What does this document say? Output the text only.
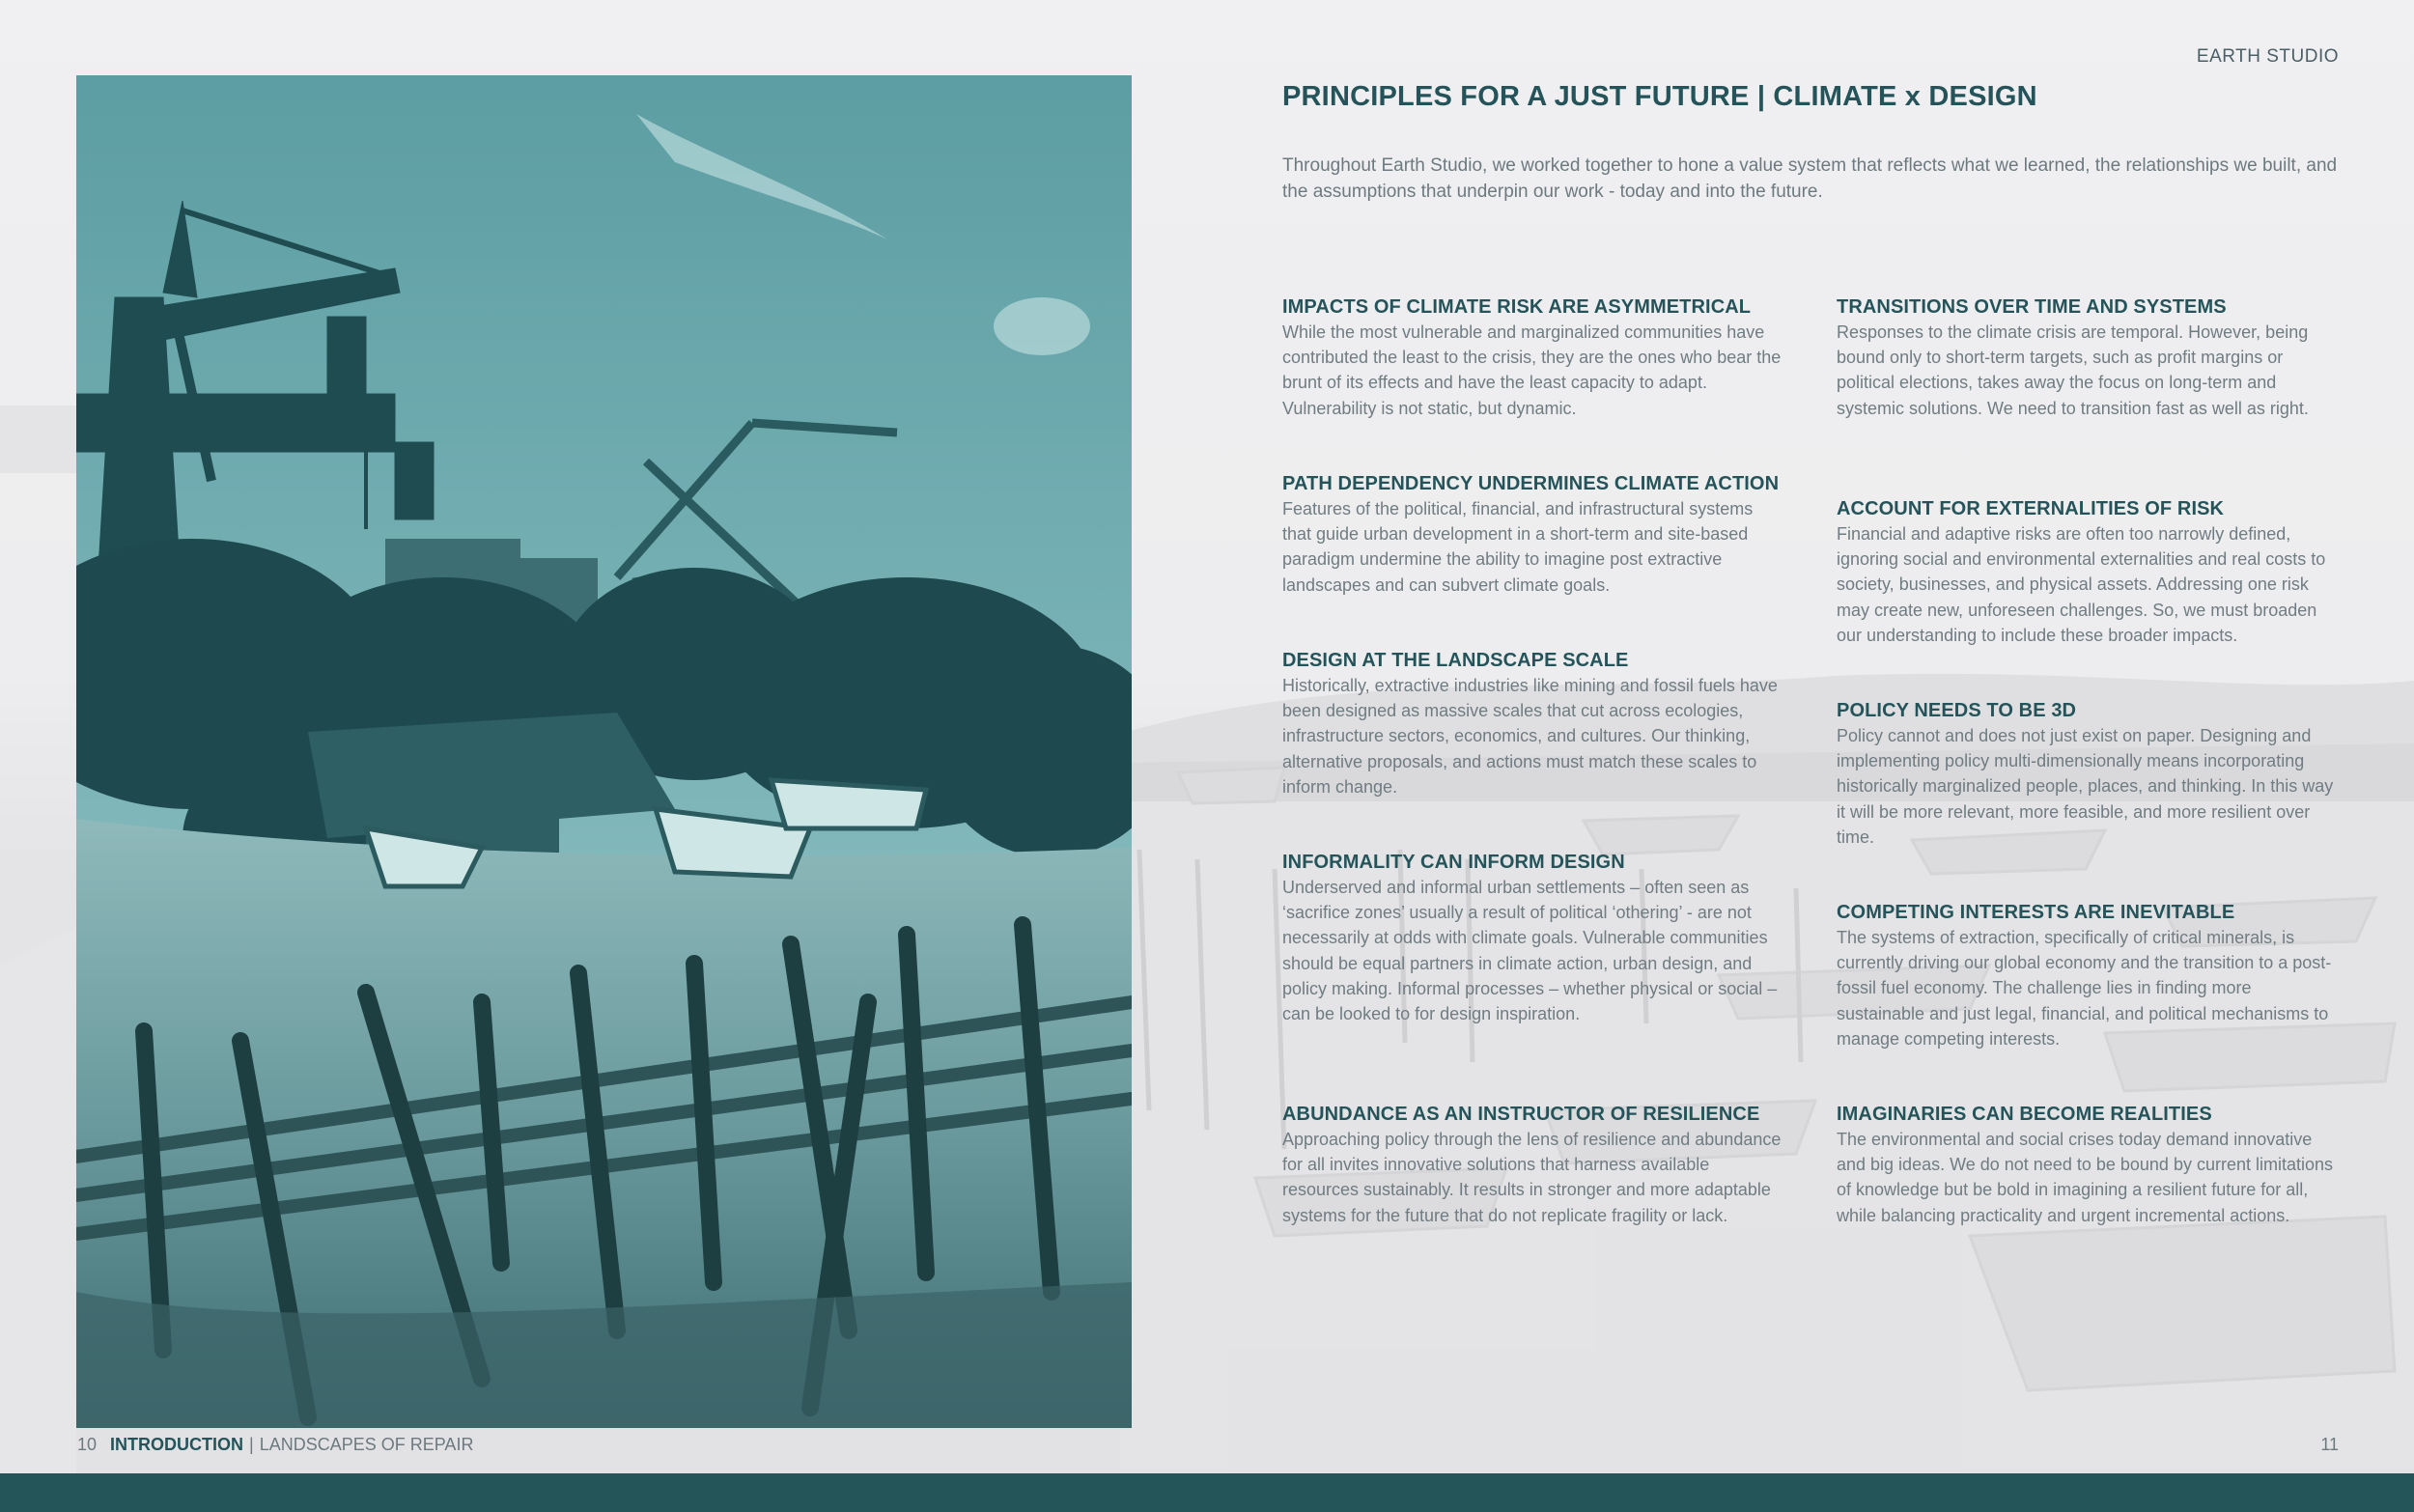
EARTH STUDIO
PRINCIPLES FOR A JUST FUTURE | CLIMATE x DESIGN

Throughout Earth Studio, we worked together to hone a value system that reflects what we learned, the relationships we built, and the assumptions that underpin our work - today and into the future.

IMPACTS OF CLIMATE RISK ARE ASYMMETRICAL

While the most vulnerable and marginalized communities have contributed the least to the crisis, they are the ones who bear the brunt of its effects and have the least capacity to adapt. Vulnerability is not static, but dynamic.

PATH DEPENDENCY UNDERMINES CLIMATE ACTION

Features of the political, financial, and infrastructural systems that guide urban development in a short-term and site-based paradigm undermine the ability to imagine post extractive landscapes and can subvert climate goals.

DESIGN AT THE LANDSCAPE SCALE

Historically, extractive industries like mining and fossil fuels have been designed as massive scales that cut across ecologies, infrastructure sectors, economics, and cultures. Our thinking, alternative proposals, and actions must match these scales to inform change.

INFORMALITY CAN INFORM DESIGN

Underserved and informal urban settlements – often seen as ‘sacrifice zones’ usually a result of political ‘othering’ - are not necessarily at odds with climate goals. Vulnerable communities should be equal partners in climate action, urban design, and policy making. Informal processes – whether physical or social – can be looked to for design inspiration.

ABUNDANCE AS AN INSTRUCTOR OF RESILIENCE

Approaching policy through the lens of resilience and abundance for all invites innovative solutions that harness available resources sustainably. It results in stronger and more adaptable systems for the future that do not replicate fragility or lack.

TRANSITIONS OVER TIME AND SYSTEMS

Responses to the climate crisis are temporal. However, being bound only to short-term targets, such as profit margins or political elections, takes away the focus on long-term and systemic solutions. We need to transition fast as well as right.

ACCOUNT FOR EXTERNALITIES OF RISK

Financial and adaptive risks are often too narrowly defined, ignoring social and environmental externalities and real costs to society, businesses, and physical assets. Addressing one risk may create new, unforeseen challenges. So, we must broaden our understanding to include these broader impacts.

POLICY NEEDS TO BE 3D

Policy cannot and does not just exist on paper. Designing and implementing policy multi-dimensionally means incorporating historically marginalized people, places, and thinking. In this way it will be more relevant, more feasible, and more resilient over time.

COMPETING INTERESTS ARE INEVITABLE

The systems of extraction, specifically of critical minerals, is currently driving our global economy and the transition to a post-fossil fuel economy. The challenge lies in finding more sustainable and just legal, financial, and political mechanisms to manage competing interests.

IMAGINARIES CAN BECOME REALITIES

The environmental and social crises today demand innovative and big ideas. We do not need to be bound by current limitations of knowledge but be bold in imagining a resilient future for all, while balancing practicality and urgent incremental actions.

10 INTRODUCTION | LANDSCAPES OF REPAIR	11
